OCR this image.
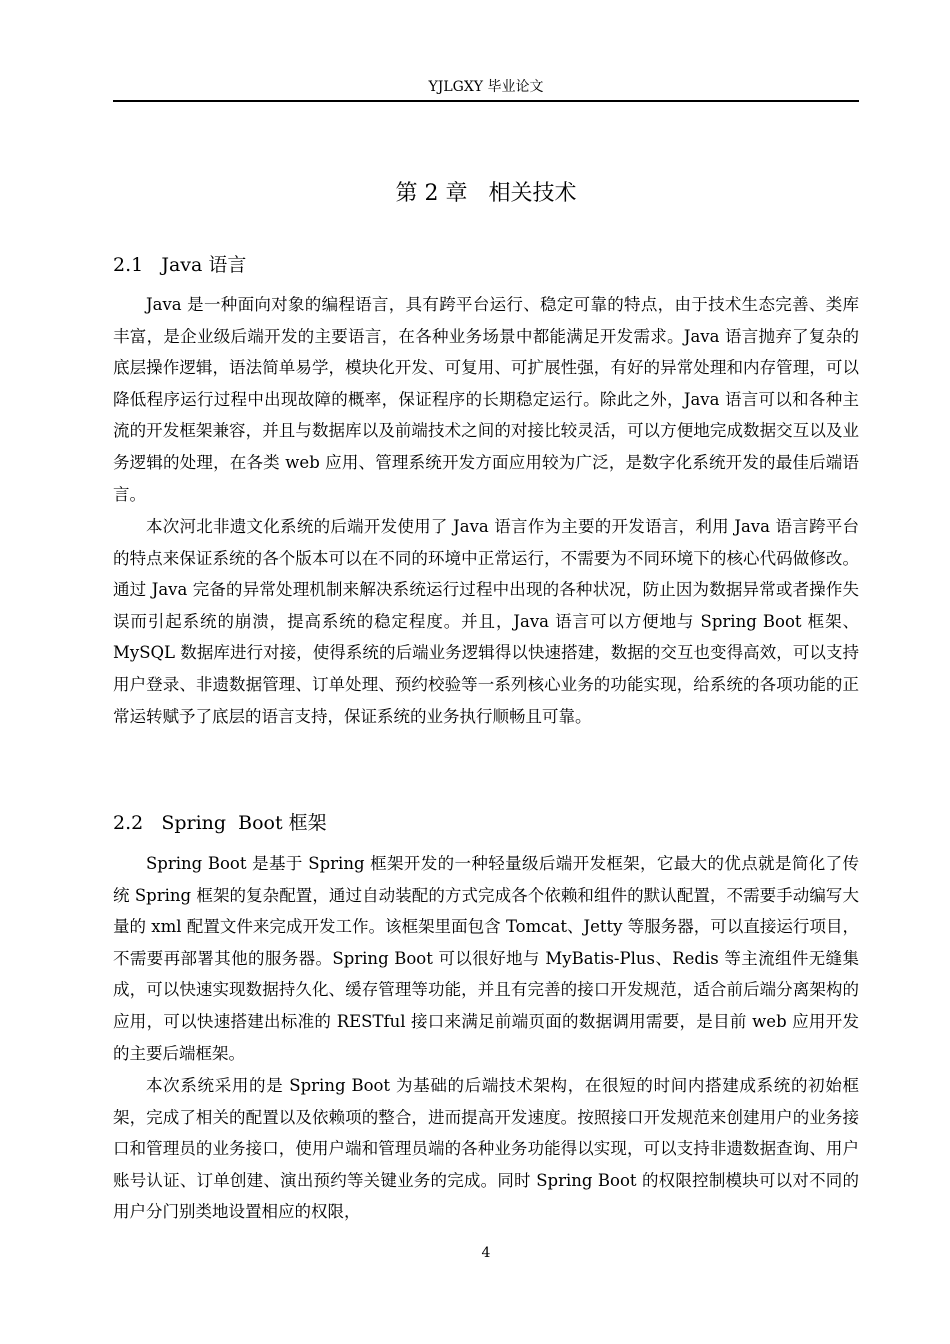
YJLGXY 毕业论文
第 2 章   相关技术
2.1   Java 语言

Java 是一种面向对象的编程语言，具有跨平台运行、稳定可靠的特点，由于技术生态完善、类库丰富，是企业级后端开发的主要语言，在各种业务场景中都能满足开发需求。Java 语言抛弃了复杂的底层操作逻辑，语法简单易学，模块化开发、可复用、可扩展性强，有好的异常处理和内存管理，可以降低程序运行过程中出现故障的概率，保证程序的长期稳定运行。除此之外，Java 语言可以和各种主流的开发框架兼容，并且与数据库以及前端技术之间的对接比较灵活，可以方便地完成数据交互以及业务逻辑的处理，在各类 web 应用、管理系统开发方面应用较为广泛，是数字化系统开发的最佳后端语言。

本次河北非遗文化系统的后端开发使用了 Java 语言作为主要的开发语言，利用 Java 语言跨平台的特点来保证系统的各个版本可以在不同的环境中正常运行，不需要为不同环境下的核心代码做修改。通过 Java 完备的异常处理机制来解决系统运行过程中出现的各种状况，防止因为数据异常或者操作失误而引起系统的崩溃，提高系统的稳定程度。并且，Java 语言可以方便地与 Spring Boot 框架、MySQL 数据库进行对接，使得系统的后端业务逻辑得以快速搭建，数据的交互也变得高效，可以支持用户登录、非遗数据管理、订单处理、预约校验等一系列核心业务的功能实现，给系统的各项功能的正常运转赋予了底层的语言支持，保证系统的业务执行顺畅且可靠。

2.2   Spring  Boot 框架

Spring Boot 是基于 Spring 框架开发的一种轻量级后端开发框架，它最大的优点就是简化了传统 Spring 框架的复杂配置，通过自动装配的方式完成各个依赖和组件的默认配置，不需要手动编写大量的 xml 配置文件来完成开发工作。该框架里面包含 Tomcat、Jetty 等服务器，可以直接运行项目，不需要再部署其他的服务器。Spring Boot 可以很好地与 MyBatis-Plus、Redis 等主流组件无缝集成，可以快速实现数据持久化、缓存管理等功能，并且有完善的接口开发规范，适合前后端分离架构的应用，可以快速搭建出标准的 RESTful 接口来满足前端页面的数据调用需要，是目前 web 应用开发的主要后端框架。

本次系统采用的是 Spring Boot 为基础的后端技术架构，在很短的时间内搭建成系统的初始框架，完成了相关的配置以及依赖项的整合，进而提高开发速度。按照接口开发规范来创建用户的业务接口和管理员的业务接口，使用户端和管理员端的各种业务功能得以实现，可以支持非遗数据查询、用户账号认证、订单创建、演出预约等关键业务的完成。同时 Spring Boot 的权限控制模块可以对不同的用户分门别类地设置相应的权限，

4
